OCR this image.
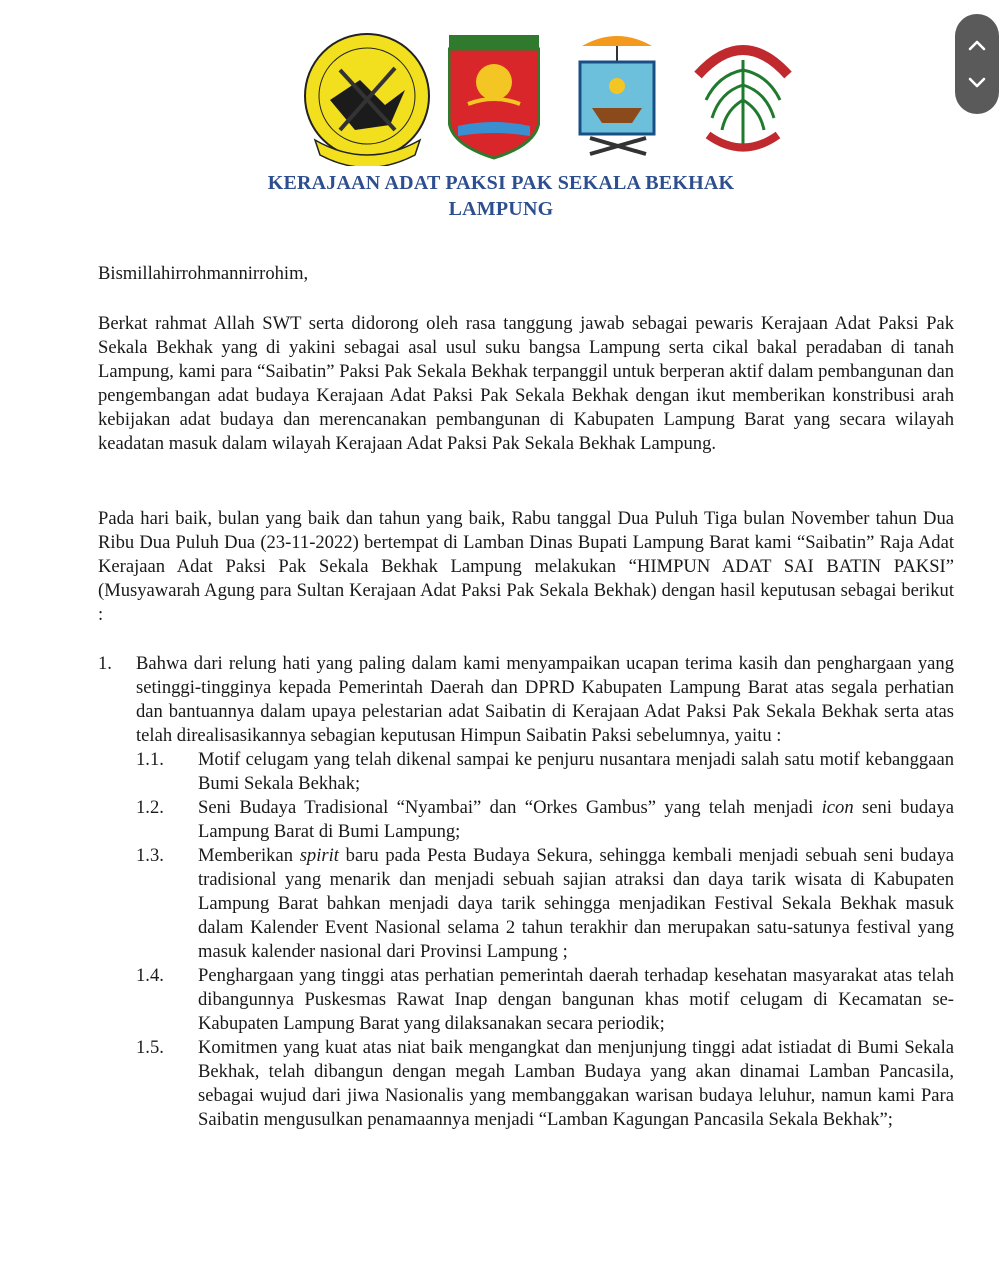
KERAJAAN ADAT PAKSI PAK SEKALA BEKHAK
LAMPUNG
Bismillahirrohmannirrohim,
Berkat rahmat Allah SWT serta didorong oleh rasa tanggung jawab sebagai pewaris Kerajaan Adat Paksi Pak Sekala Bekhak yang di yakini sebagai asal usul suku bangsa Lampung serta cikal bakal peradaban di tanah Lampung, kami para “Saibatin” Paksi Pak Sekala Bekhak terpanggil untuk berperan aktif dalam pembangunan dan pengembangan adat budaya Kerajaan Adat Paksi Pak Sekala Bekhak dengan ikut memberikan konstribusi arah kebijakan adat budaya dan merencanakan pembangunan di Kabupaten Lampung Barat yang secara wilayah keadatan masuk dalam wilayah Kerajaan Adat Paksi Pak Sekala Bekhak Lampung.
Pada hari baik, bulan yang baik dan tahun yang baik, Rabu tanggal Dua Puluh Tiga bulan November tahun Dua Ribu Dua Puluh Dua (23-11-2022) bertempat di Lamban Dinas Bupati Lampung Barat kami “Saibatin” Raja Adat Kerajaan Adat Paksi Pak Sekala Bekhak Lampung melakukan “HIMPUN ADAT SAI BATIN PAKSI” (Musyawarah Agung para Sultan Kerajaan Adat Paksi Pak Sekala Bekhak) dengan hasil keputusan sebagai berikut :
1.	Bahwa dari relung hati yang paling dalam kami menyampaikan ucapan terima kasih dan penghargaan yang setinggi-tingginya kepada Pemerintah Daerah dan DPRD Kabupaten Lampung Barat atas segala perhatian dan bantuannya dalam upaya pelestarian adat Saibatin di Kerajaan Adat Paksi Pak Sekala Bekhak serta atas telah direalisasikannya sebagian keputusan Himpun Saibatin Paksi sebelumnya, yaitu :
1.1.	Motif celugam yang telah dikenal sampai ke penjuru nusantara menjadi salah satu motif kebanggaan Bumi Sekala Bekhak;
1.2.	Seni Budaya Tradisional “Nyambai” dan “Orkes Gambus” yang telah menjadi icon seni budaya Lampung Barat di Bumi Lampung;
1.3.	Memberikan spirit baru pada Pesta Budaya Sekura, sehingga kembali menjadi sebuah seni budaya tradisional yang menarik dan menjadi sebuah sajian atraksi dan daya tarik wisata di Kabupaten Lampung Barat bahkan menjadi daya tarik sehingga menjadikan Festival Sekala Bekhak masuk dalam Kalender Event Nasional selama 2 tahun terakhir dan merupakan satu-satunya festival yang masuk kalender nasional dari Provinsi Lampung ;
1.4.	Penghargaan yang tinggi atas perhatian pemerintah daerah terhadap kesehatan masyarakat atas telah dibangunnya Puskesmas Rawat Inap dengan bangunan khas motif celugam di Kecamatan se-Kabupaten Lampung Barat yang dilaksanakan secara periodik;
1.5.	Komitmen yang kuat atas niat baik mengangkat dan menjunjung tinggi adat istiadat di Bumi Sekala Bekhak, telah dibangun dengan megah Lamban Budaya yang akan dinamai Lamban Pancasila, sebagai wujud dari jiwa Nasionalis yang membanggakan warisan budaya leluhur, namun kami Para Saibatin mengusulkan penamaannya menjadi “Lamban Kagungan Pancasila Sekala Bekhak”;
